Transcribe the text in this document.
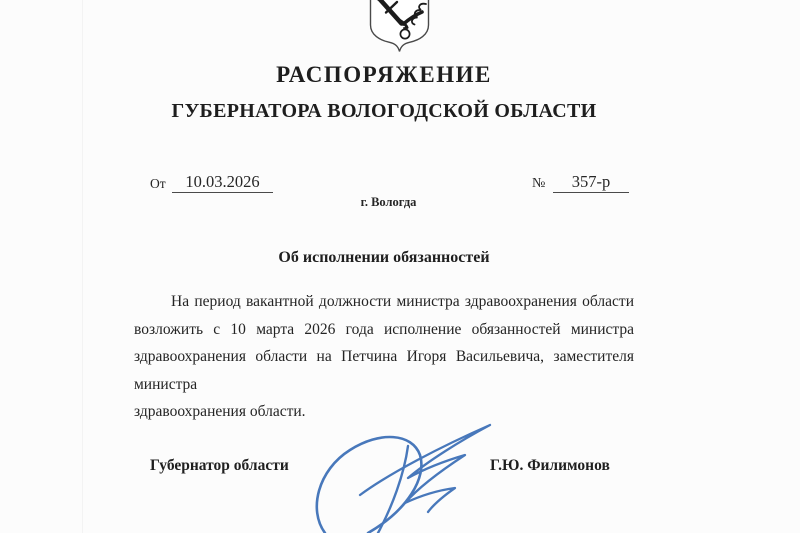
РАСПОРЯЖЕНИЕ
ГУБЕРНАТОРА ВОЛОГОДСКОЙ ОБЛАСТИ
От	10.03.2026	№	357-р
г. Вологда
Об исполнении обязанностей
На период вакантной должности министра здравоохранения области
возложить с 10 марта 2026 года исполнение обязанностей министра
здравоохранения области на Петчина Игоря Васильевича, заместителя министра
здравоохранения области.
Губернатор области	Г.Ю. Филимонов
